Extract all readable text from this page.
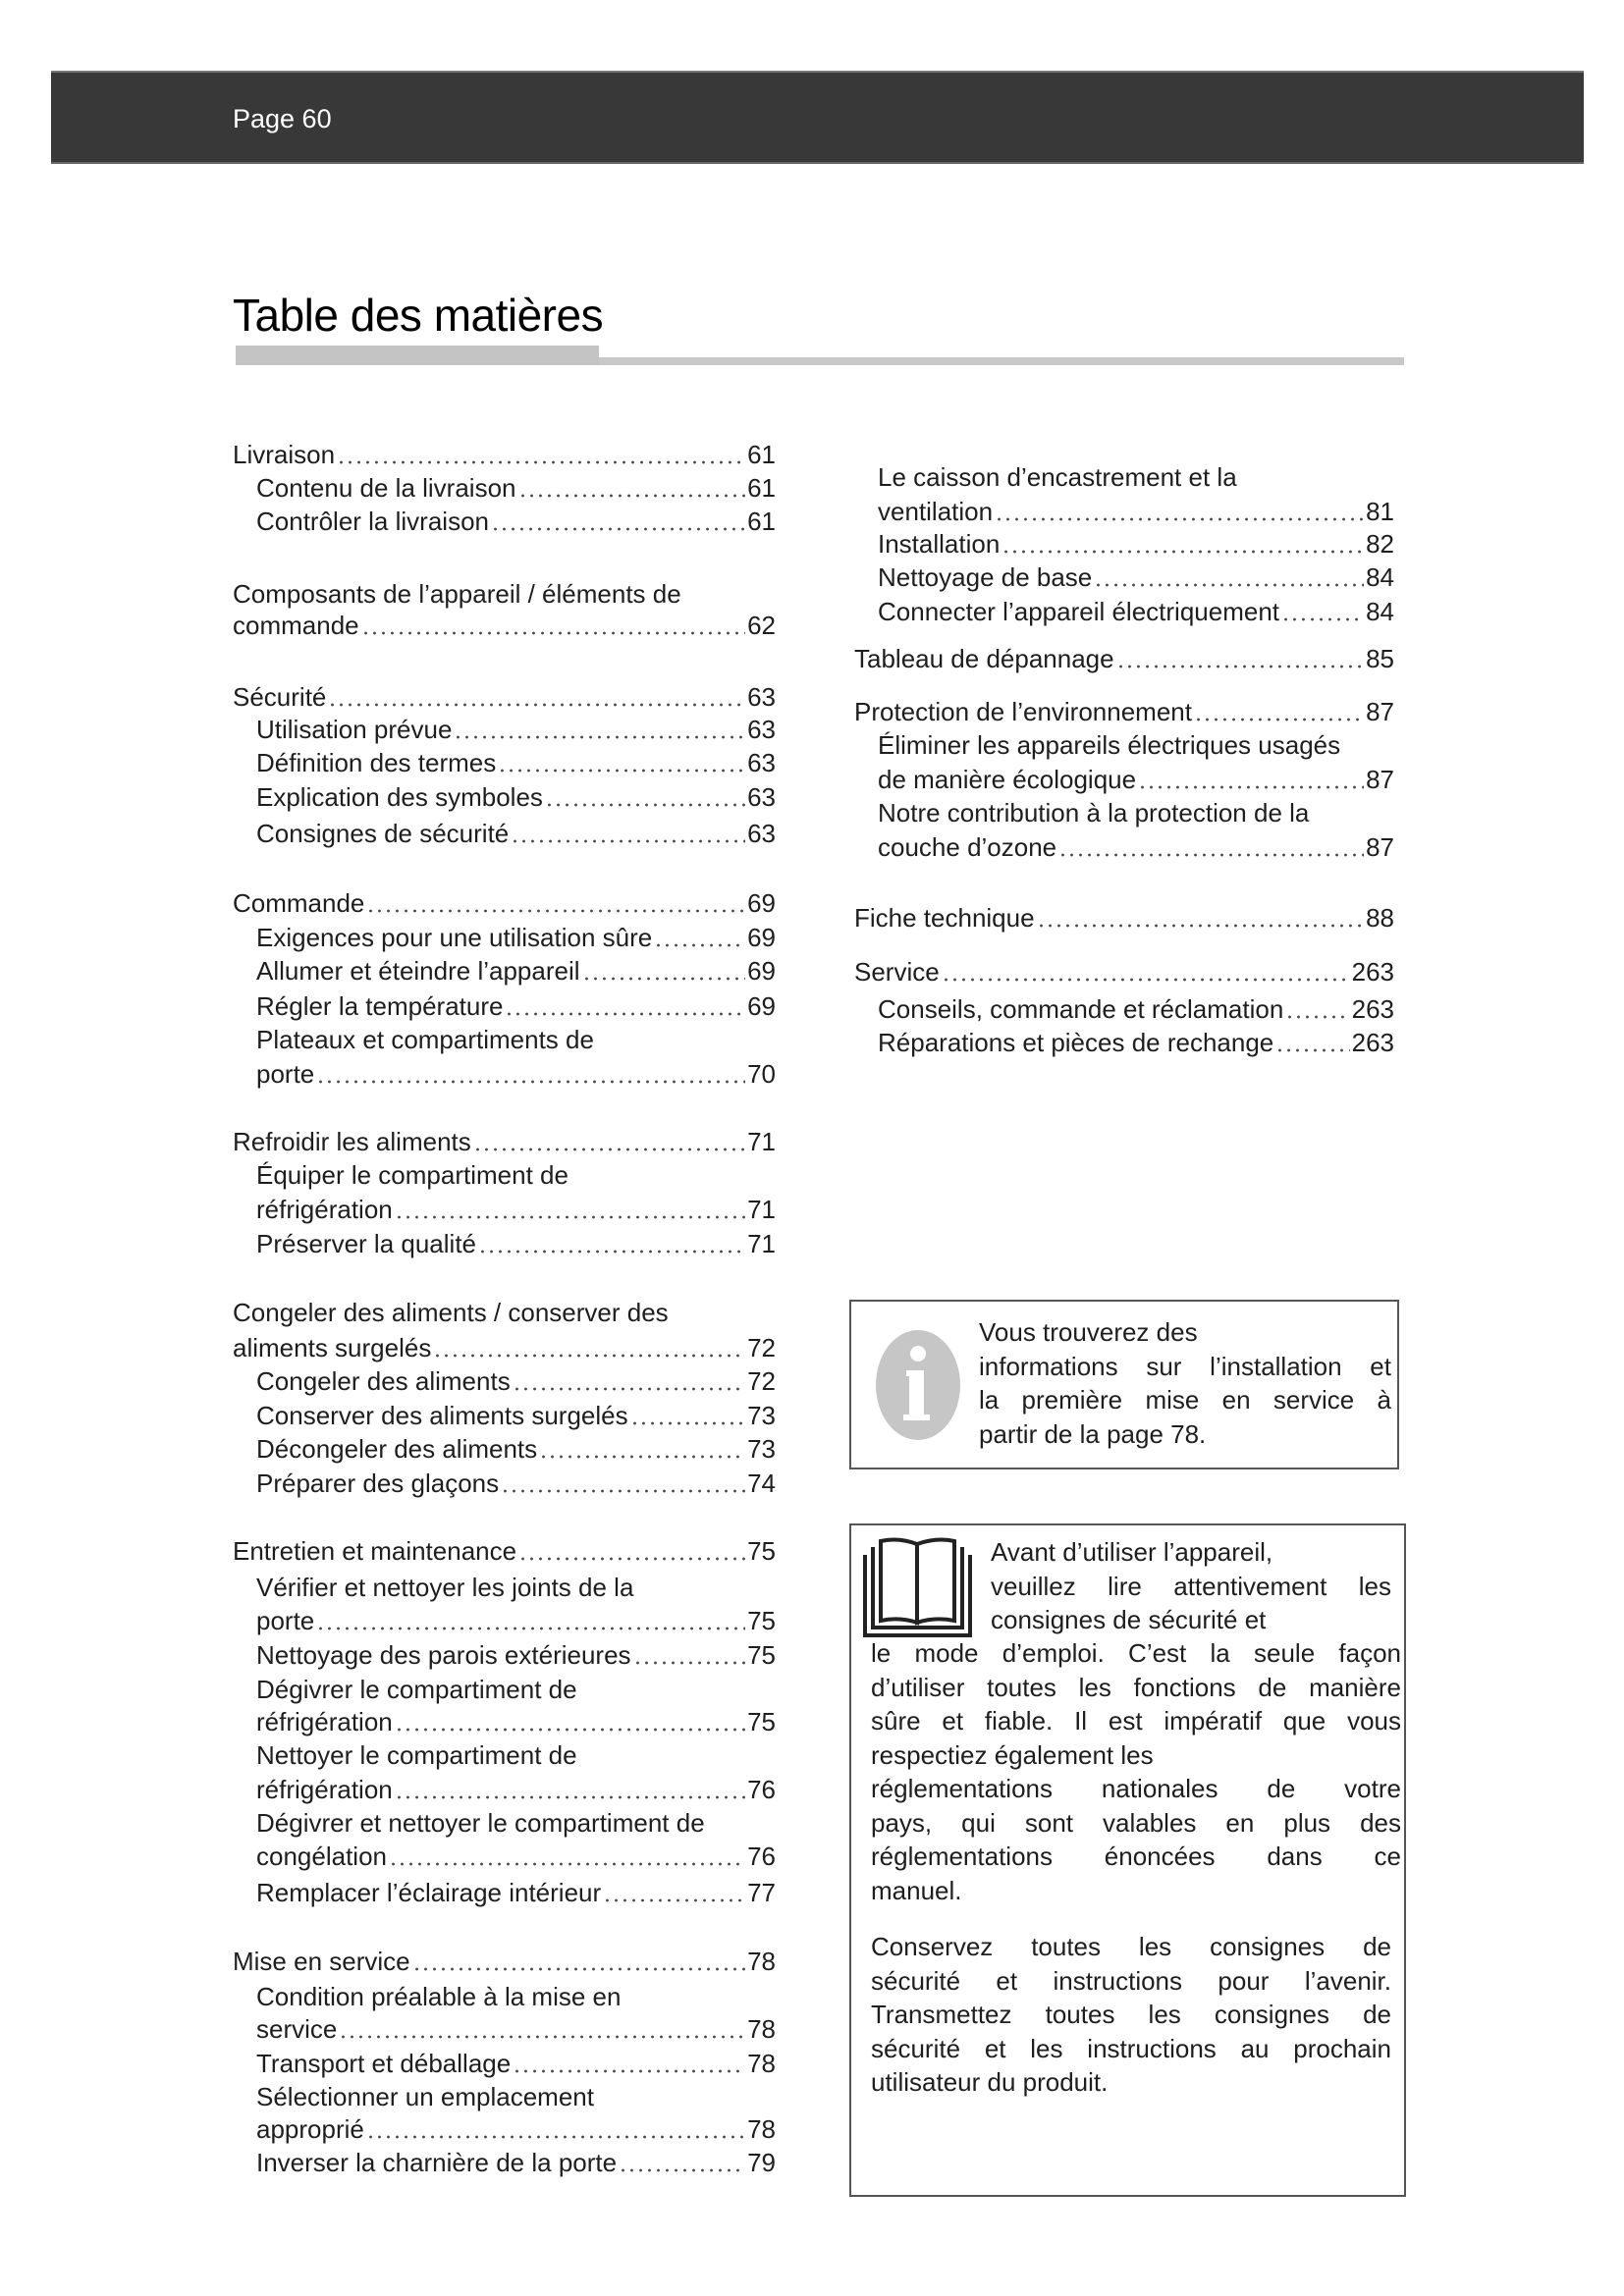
Page 60
Table des matières
Livraison	61
Contenu de la livraison	61
Contrôler la livraison	61
Composants de l’appareil / éléments de
commande	62
Sécurité	63
Utilisation prévue	63
Définition des termes	63
Explication des symboles	63
Consignes de sécurité	63
Commande	69
Exigences pour une utilisation sûre	69
Allumer et éteindre l’appareil	69
Régler la température	69
Plateaux et compartiments de
porte	70
Refroidir les aliments	71
Équiper le compartiment de
réfrigération	71
Préserver la qualité	71
Congeler des aliments / conserver des
aliments surgelés	72
Congeler des aliments	72
Conserver des aliments surgelés	73
Décongeler des aliments	73
Préparer des glaçons	74
Entretien et maintenance	75
Vérifier et nettoyer les joints de la
porte	75
Nettoyage des parois extérieures	75
Dégivrer le compartiment de
réfrigération	75
Nettoyer le compartiment de
réfrigération	76
Dégivrer et nettoyer le compartiment de
congélation	76
Remplacer l’éclairage intérieur	77
Mise en service	78
Condition préalable à la mise en
service	78
Transport et déballage	78
Sélectionner un emplacement
approprié	78
Inverser la charnière de la porte	79
Le caisson d’encastrement et la
ventilation	81
Installation	82
Nettoyage de base	84
Connecter l’appareil électriquement	84
Tableau de dépannage	85
Protection de l’environnement	87
Éliminer les appareils électriques usagés
de manière écologique	87
Notre contribution à la protection de la
couche d’ozone	87
Fiche technique	88
Service	263
Conseils, commande et réclamation	263
Réparations et pièces de rechange	263
Vous trouverez des
informations sur l’installation et
la première mise en service à
partir de la page 78.
Avant d’utiliser l’appareil,
veuillez lire attentivement les
consignes de sécurité et
le mode d’emploi. C’est la seule façon
d’utiliser toutes les fonctions de manière
sûre et fiable. Il est impératif que vous
respectiez également les
réglementations nationales de votre
pays, qui sont valables en plus des
réglementations énoncées dans ce
manuel.
Conservez toutes les consignes de
sécurité et instructions pour l’avenir.
Transmettez toutes les consignes de
sécurité et les instructions au prochain
utilisateur du produit.
